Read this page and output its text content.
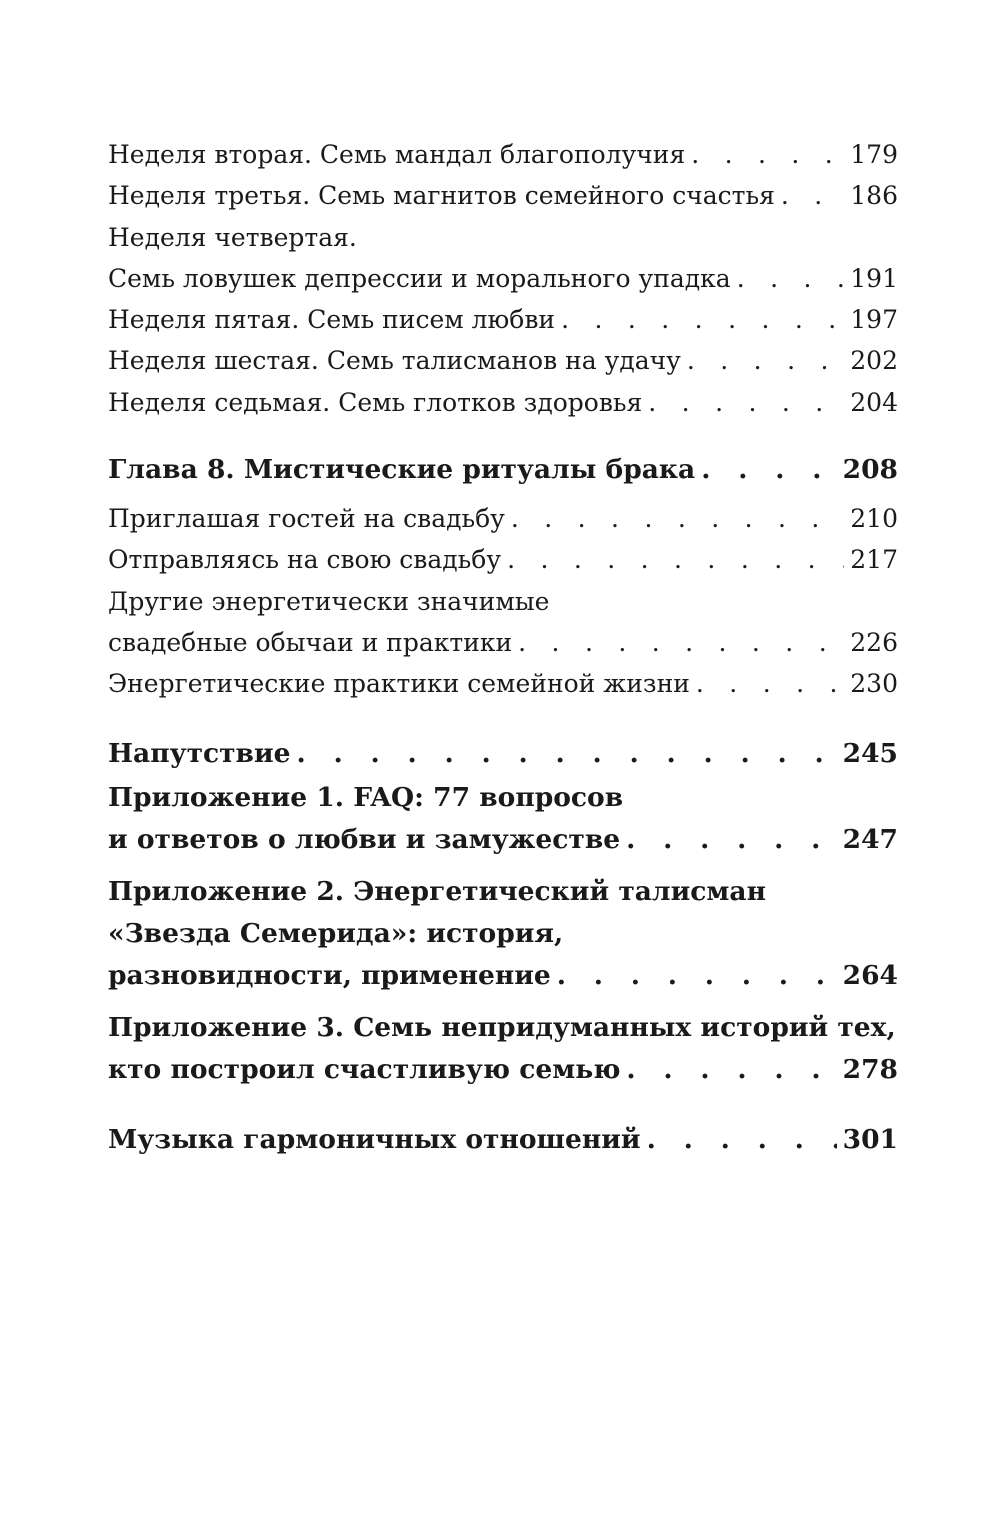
Неделя вторая. Семь мандал благополучия . . .	179
Неделя третья. Семь магнитов семейного счастья . . .	186
Неделя четвертая.
Семь ловушек депрессии и морального упадка . . .	191
Неделя пятая. Семь писем любви . . .	197
Неделя шестая. Семь талисманов на удачу . . .	202
Неделя седьмая. Семь глотков здоровья . . .	204
Глава 8. Мистические ритуалы брака . . .	208
Приглашая гостей на свадьбу . . .	210
Отправляясь на свою свадьбу . . .	217
Другие энергетически значимые
свадебные обычаи и практики . . .	226
Энергетические практики семейной жизни . . .	230
Напутствие . . .	245
Приложение 1. FAQ: 77 вопросов
и ответов о любви и замужестве . . .	247
Приложение 2. Энергетический талисман
«Звезда Семерида»: история,
разновидности, применение . . .	264
Приложение 3. Семь непридуманных историй тех,
кто построил счастливую семью . . .	278
Музыка гармоничных отношений . . .	301
